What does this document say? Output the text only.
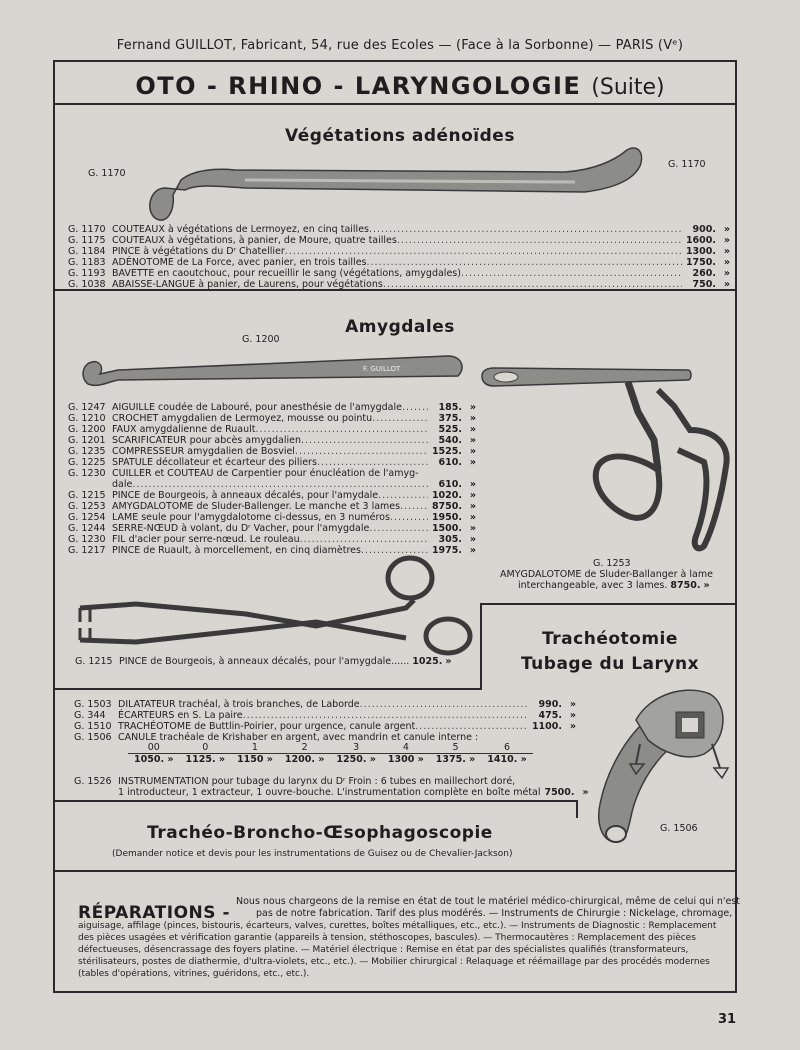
Fernand GUILLOT, Fabricant, 54, rue des Ecoles — (Face à la Sorbonne) — PARIS (Vᵉ)
OTO - RHINO - LARYNGOLOGIE (Suite)
Végétations adénoïdes
G. 1170
G. 1170
G. 1170 COUTEAUX à végétations de Lermoyez, en cinq tailles .....	900. »
G. 1175 COUTEAUX à végétations, à panier, de Moure, quatre tailles .....	1600. »
G. 1184 PINCE à végétations du Dʳ Chatellier .....	1300. »
G. 1183 ADÉNOTOME de La Force, avec panier, en trois tailles .....	1750. »
G. 1193 BAVETTE en caoutchouc, pour recueillir le sang (végétations, amygdales) .....	260. »
G. 1038 ABAISSE-LANGUE à panier, de Laurens, pour végétations .....	750. »
Amygdales
G. 1200
F. GUILLOT
G. 1247 AIGUILLE coudée de Labouré, pour anesthésie de l'amygdale .....	185. »
G. 1210 CROCHET amygdalien de Lermoyez, mousse ou pointu .....	375. »
G. 1200 FAUX amygdalienne de Ruault .....	525. »
G. 1201 SCARIFICATEUR pour abcès amygdalien .....	540. »
G. 1235 COMPRESSEUR amygdalien de Bosviel .....	1525. »
G. 1225 SPATULE décollateur et écarteur des piliers .....	610. »
G. 1230 CUILLER et COUTEAU de Carpentier pour énucléation de l'amyg-
dale .....	610. »
G. 1215 PINCE de Bourgeois, à anneaux décalés, pour l'amydale .....	1020. »
G. 1253 AMYGDALOTOME de Sluder-Ballenger. Le manche et 3 lames .....	8750. »
G. 1254 LAME seule pour l'amygdalotome ci-dessus, en 3 numéros .....	1950. »
G. 1244 SERRE-NŒUD à volant, du Dʳ Vacher, pour l'amygdale .....	1500. »
G. 1230 FIL d'acier pour serre-nœud. Le rouleau .....	305. »
G. 1217 PINCE de Ruault, à morcellement, en cinq diamètres .....	1975. »
G. 1253
AMYGDALOTOME de Sluder-Ballanger à lame
interchangeable, avec 3 lames. 8750. »
G. 1215 PINCE de Bourgeois, à anneaux décalés, pour l'amygdale...... 1025. »
Trachéotomie
Tubage du Larynx
G. 1503 DILATATEUR trachéal, à trois branches, de Laborde .....	990. »
G. 344	ÉCARTEURS en S. La paire .....	475. »
G. 1510 TRACHÉOTOME de Buttlin-Poirier, pour urgence, canule argent .....	1100. »
G. 1506 CANULE trachéale de Krishaber en argent, avec mandrin et canule interne :
00	0	1	2	3	4	5	6
1050. »	1125. »	1150 »	1200. »	1250. »	1300 »	1375. »	1410. »
G. 1526 INSTRUMENTATION pour tubage du larynx du Dʳ Froin : 6 tubes en maillechort doré,
1 introducteur, 1 extracteur, 1 ouvre-bouche. L'instrumentation complète en boîte métal 7500. »
G. 1506
Trachéo-Broncho-Œsophagoscopie
(Demander notice et devis pour les instrumentations de Guisez ou de Chevalier-Jackson)
RÉPARATIONS -
Nous nous chargeons de la remise en état de tout le matériel médico-chirurgical, même de celui qui n'est
pas de notre fabrication. Tarif des plus modérés. — Instruments de Chirurgie : Nickelage, chromage,
aiguisage, affilage (pinces, bistouris, écarteurs, valves, curettes, boîtes métalliques, etc., etc.). — Instruments de Diagnostic : Remplacement
des pièces usagées et vérification garantie (appareils à tension, stéthoscopes, bascules). — Thermocautères : Remplacement des pièces
défectueuses, désencrassage des foyers platine. — Matériel électrique : Remise en état par des spécialistes qualifiés (transformateurs,
stérilisateurs, postes de diathermie, d'ultra-violets, etc., etc.). — Mobilier chirurgical : Relaquage et réémaillage par des procédés modernes
(tables d'opérations, vitrines, guéridons, etc., etc.).
31
